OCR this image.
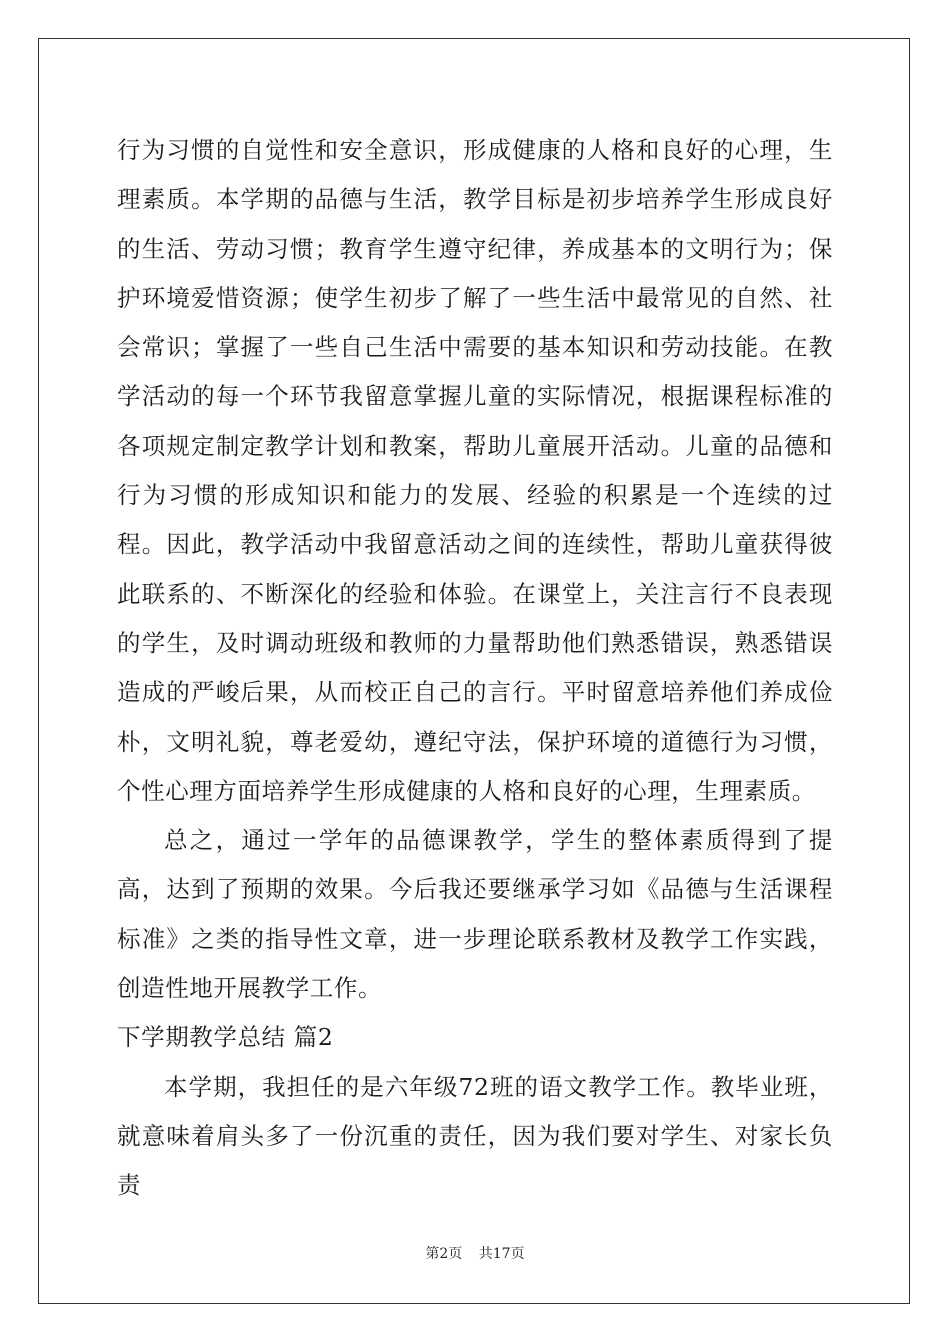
行为习惯的自觉性和安全意识，形成健康的人格和良好的心理，生理素质。本学期的品德与生活，教学目标是初步培养学生形成良好的生活、劳动习惯；教育学生遵守纪律，养成基本的文明行为；保护环境爱惜资源；使学生初步了解了一些生活中最常见的自然、社会常识；掌握了一些自己生活中需要的基本知识和劳动技能。在教学活动的每一个环节我留意掌握儿童的实际情况，根据课程标准的各项规定制定教学计划和教案，帮助儿童展开活动。儿童的品德和行为习惯的形成知识和能力的发展、经验的积累是一个连续的过程。因此，教学活动中我留意活动之间的连续性，帮助儿童获得彼此联系的、不断深化的经验和体验。在课堂上，关注言行不良表现的学生，及时调动班级和教师的力量帮助他们熟悉错误，熟悉错误造成的严峻后果，从而校正自己的言行。平时留意培养他们养成俭朴，文明礼貌，尊老爱幼，遵纪守法，保护环境的道德行为习惯，个性心理方面培养学生形成健康的人格和良好的心理，生理素质。

总之，通过一学年的品德课教学，学生的整体素质得到了提高，达到了预期的效果。今后我还要继承学习如《品德与生活课程标准》之类的指导性文章，进一步理论联系教材及教学工作实践，创造性地开展教学工作。

下学期教学总结 篇2

本学期，我担任的是六年级72班的语文教学工作。教毕业班，就意味着肩头多了一份沉重的责任，因为我们要对学生、对家长负责

第2页 共17页
